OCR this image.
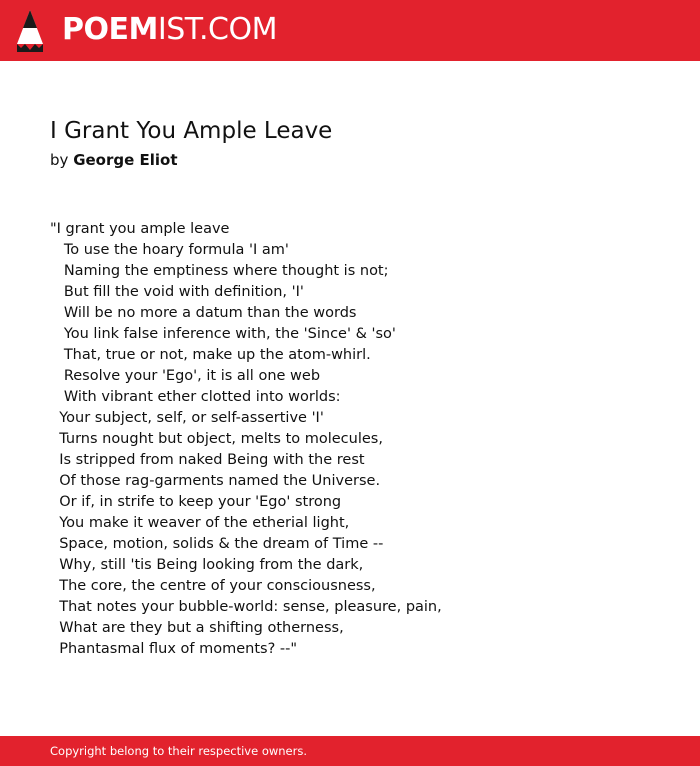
POEMIST.COM
I Grant You Ample Leave
by George Eliot
"I grant you ample leave
To use the hoary formula 'I am'
Naming the emptiness where thought is not;
But fill the void with definition, 'I'
Will be no more a datum than the words
You link false inference with, the 'Since' & 'so'
That, true or not, make up the atom-whirl.
Resolve your 'Ego', it is all one web
With vibrant ether clotted into worlds:
Your subject, self, or self-assertive 'I'
Turns nought but object, melts to molecules,
Is stripped from naked Being with the rest
Of those rag-garments named the Universe.
Or if, in strife to keep your 'Ego' strong
You make it weaver of the etherial light,
Space, motion, solids & the dream of Time --
Why, still 'tis Being looking from the dark,
The core, the centre of your consciousness,
That notes your bubble-world: sense, pleasure, pain,
What are they but a shifting otherness,
Phantasmal flux of moments? --"
Copyright belong to their respective owners.
